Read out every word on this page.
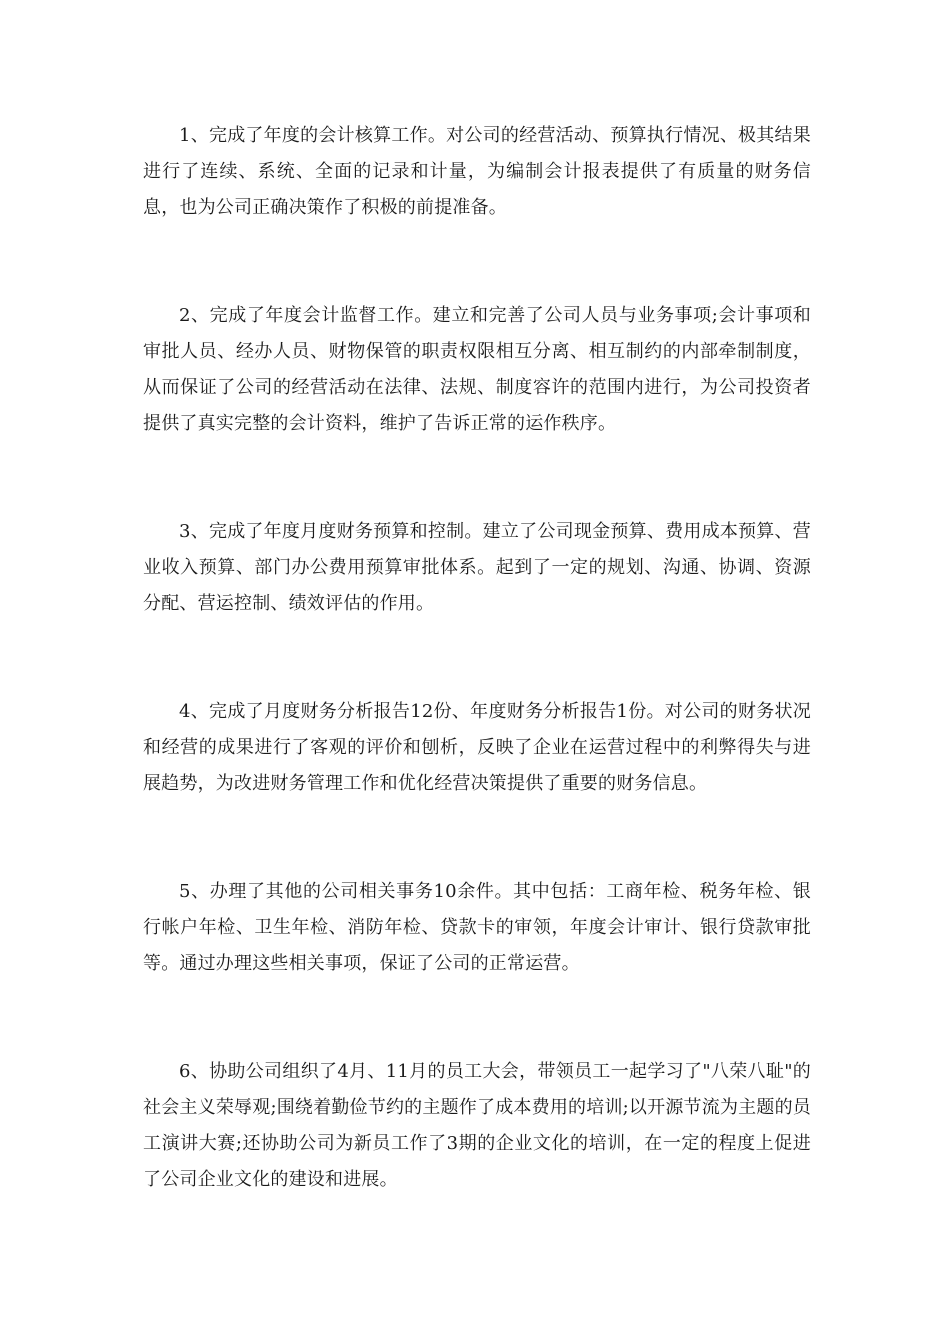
1、完成了年度的会计核算工作。对公司的经营活动、预算执行情况、极其结果进行了连续、系统、全面的记录和计量，为编制会计报表提供了有质量的财务信息，也为公司正确决策作了积极的前提准备。

2、完成了年度会计监督工作。建立和完善了公司人员与业务事项;会计事项和审批人员、经办人员、财物保管的职责权限相互分离、相互制约的内部牵制制度，从而保证了公司的经营活动在法律、法规、制度容许的范围内进行，为公司投资者提供了真实完整的会计资料，维护了告诉正常的运作秩序。

3、完成了年度月度财务预算和控制。建立了公司现金预算、费用成本预算、营业收入预算、部门办公费用预算审批体系。起到了一定的规划、沟通、协调、资源分配、营运控制、绩效评估的作用。

4、完成了月度财务分析报告12份、年度财务分析报告1份。对公司的财务状况和经营的成果进行了客观的评价和刨析，反映了企业在运营过程中的利弊得失与进展趋势，为改进财务管理工作和优化经营决策提供了重要的财务信息。

5、办理了其他的公司相关事务10余件。其中包括：工商年检、税务年检、银行帐户年检、卫生年检、消防年检、贷款卡的审领，年度会计审计、银行贷款审批等。通过办理这些相关事项，保证了公司的正常运营。

6、协助公司组织了4月、11月的员工大会，带领员工一起学习了"八荣八耻"的社会主义荣辱观;围绕着勤俭节约的主题作了成本费用的培训;以开源节流为主题的员工演讲大赛;还协助公司为新员工作了3期的企业文化的培训，在一定的程度上促进了公司企业文化的建设和进展。
